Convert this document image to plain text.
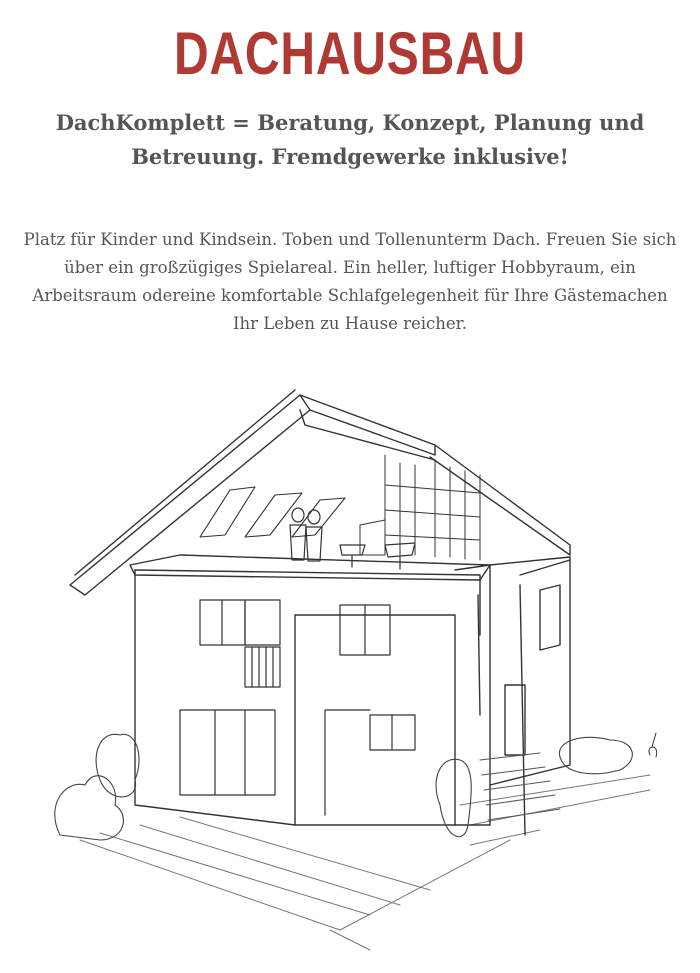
DACHAUSBAU

DachKomplett = Beratung, Konzept, Planung und Betreuung. Fremdgewerke inklusive!

Platz für Kinder und Kindsein. Toben und Tollenunterm Dach. Freuen Sie sich über ein großzügiges Spielareal. Ein heller, luftiger Hobbyraum, ein Arbeitsraum odereine komfortable Schlafgelegenheit für Ihre Gästemachen Ihr Leben zu Hause reicher.
